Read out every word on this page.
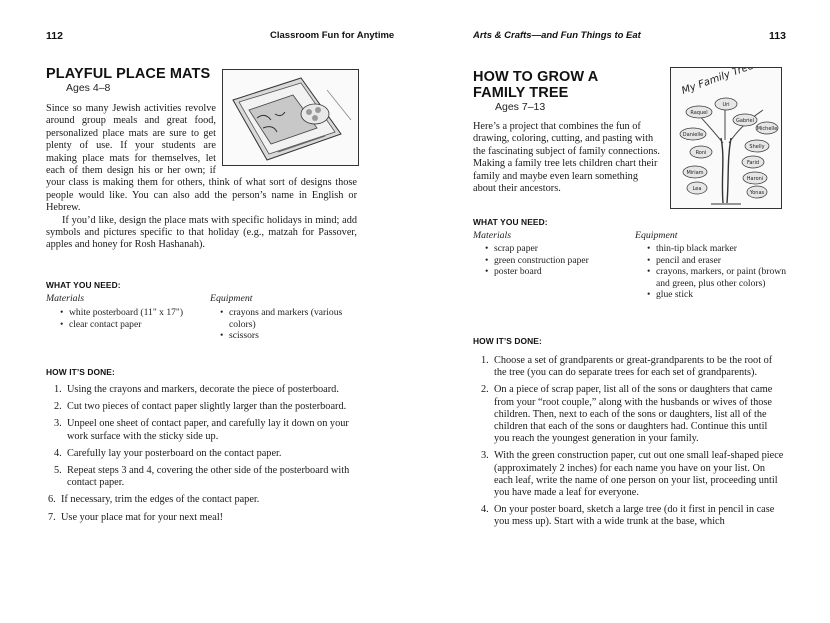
112	Classroom Fun for Anytime
PLAYFUL PLACE MATS
Ages 4–8

Since so many Jewish activities revolve around group meals and great food, personalized place mats are sure to get plenty of use. If your students are making place mats for themselves, let each of them design his or her own; if your class is making them for others, think of what sort of designs those people would like. You can also add the person’s name in English or Hebrew.

If you’d like, design the place mats with specific holidays in mind; add symbols and pictures specific to that holiday (e.g., matzah for Passover, apples and honey for Rosh Hashanah).

WHAT YOU NEED:
Materials	Equipment
• white posterboard (11" x 17")
• clear contact paper
• crayons and markers (various colors)
• scissors
HOW IT’S DONE:
1. Using the crayons and markers, decorate the piece of posterboard.
2. Cut two pieces of contact paper slightly larger than the posterboard.
3. Unpeel one sheet of contact paper, and carefully lay it down on your work surface with the sticky side up.
4. Carefully lay your posterboard on the contact paper.
5. Repeat steps 3 and 4, covering the other side of the posterboard with contact paper.
6. If necessary, trim the edges of the contact paper.
7. Use your place mat for your next meal!
Arts & Crafts—and Fun Things to Eat	113
HOW TO GROW A
FAMILY TREE
Ages 7–13
My Family Tree
Raquel
Uri
Gabriel
Michelle
Danielle
Roni
Shelly
Farid
Miriam
Haroni
Lea
Yonas
Here’s a project that combines the fun of drawing, coloring, cutting, and pasting with the fascinating subject of family connections. Making a family tree lets children chart their family and maybe even learn something about their ancestors.
WHAT YOU NEED:
Materials	Equipment
• scrap paper
• green construction paper
• poster board
• thin-tip black marker
• pencil and eraser
• crayons, markers, or paint (brown and green, plus other colors)
• glue stick
HOW IT’S DONE:
1. Choose a set of grandparents or great-grandparents to be the root of the tree (you can do separate trees for each set of grandparents).
2. On a piece of scrap paper, list all of the sons or daughters that came from your “root couple,” along with the husbands or wives of those children. Then, next to each of the sons or daughters, list all of the children that each of the sons or daughters had. Continue this until you reach the youngest generation in your family.
3. With the green construction paper, cut out one small leaf-shaped piece (approximately 2 inches) for each name you have on your list. On each leaf, write the name of one person on your list, proceeding until you have made a leaf for everyone.
4. On your poster board, sketch a large tree (do it first in pencil in case you mess up). Start with a wide trunk at the base, which
